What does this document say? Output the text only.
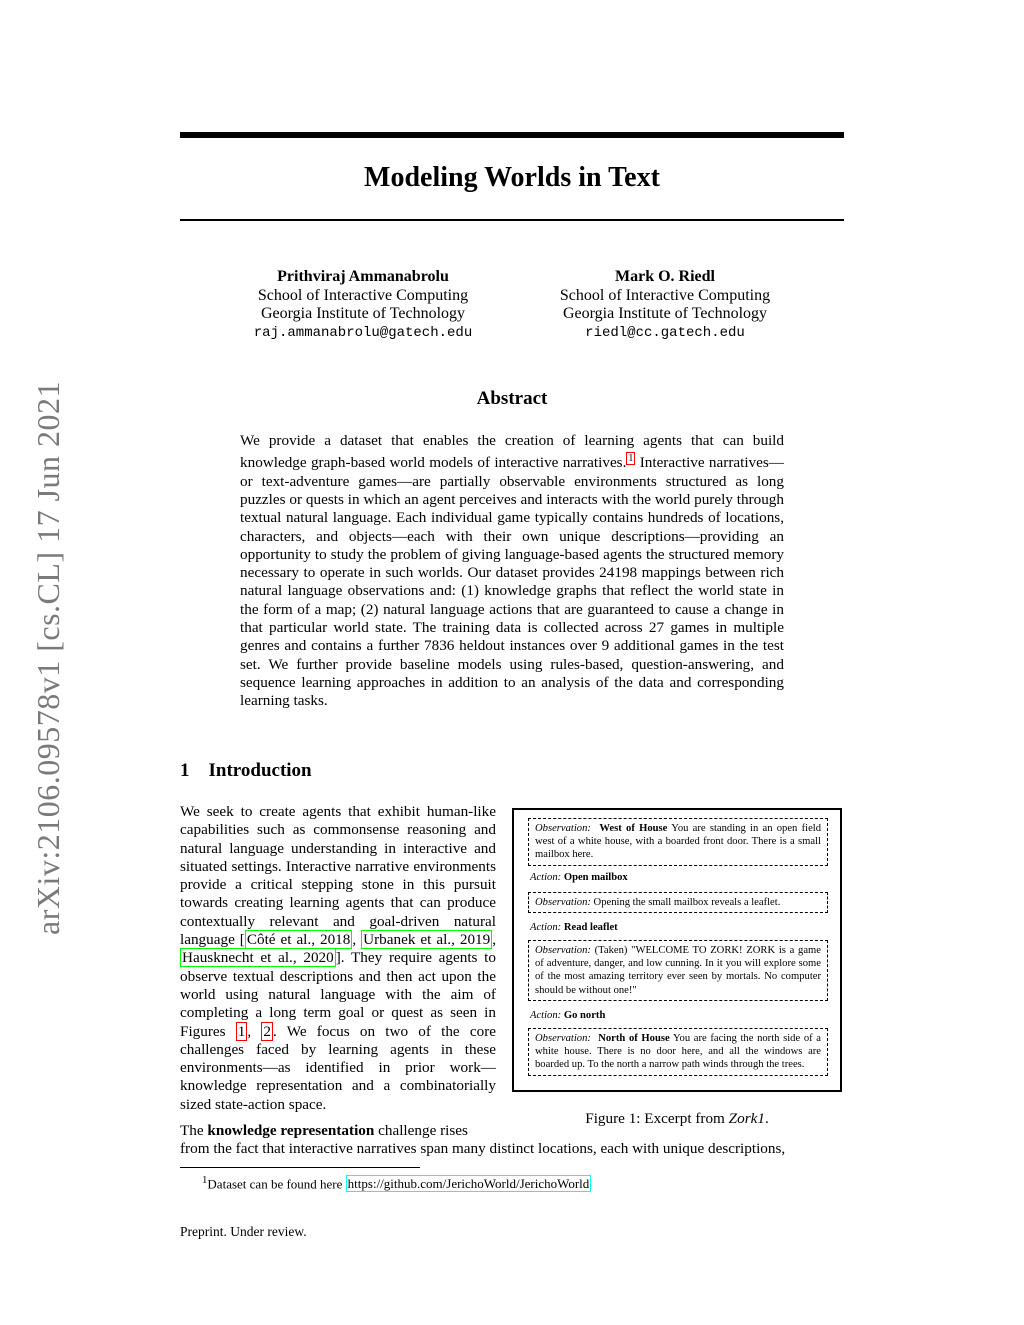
arXiv:2106.09578v1 [cs.CL] 17 Jun 2021
Modeling Worlds in Text
Prithviraj Ammanabrolu
School of Interactive Computing
Georgia Institute of Technology
raj.ammanabrolu@gatech.edu
Mark O. Riedl
School of Interactive Computing
Georgia Institute of Technology
riedl@cc.gatech.edu
Abstract
We provide a dataset that enables the creation of learning agents that can build knowledge graph-based world models of interactive narratives. $^1$ Interactive narratives—or text-adventure games—are partially observable environments structured as long puzzles or quests in which an agent perceives and interacts with the world purely through textual natural language. Each individual game typically contains hundreds of locations, characters, and objects—each with their own unique descriptions—providing an opportunity to study the problem of giving language-based agents the structured memory necessary to operate in such worlds. Our dataset provides 24198 mappings between rich natural language observations and: (1) knowledge graphs that reflect the world state in the form of a map; (2) natural language actions that are guaranteed to cause a change in that particular world state. The training data is collected across 27 games in multiple genres and contains a further 7836 heldout instances over 9 additional games in the test set. We further provide baseline models using rules-based, question-answering, and sequence learning approaches in addition to an analysis of the data and corresponding learning tasks.
1 Introduction
We seek to create agents that exhibit human-like capabilities such as commonsense reasoning and natural language understanding in interactive and situated settings. Interactive narrative environments provide a critical stepping stone in this pursuit towards creating learning agents that can produce contextually relevant and goal-driven natural language [ Côté et al., 2018 , Urbanek et al., 2019 , Hausknecht et al., 2020 ]. They require agents to observe textual descriptions and then act upon the world using natural language with the aim of completing a long term goal or quest as seen in Figures 1 , 2 . We focus on two of the core challenges faced by learning agents in these environments—as identified in prior work—knowledge representation and a combinatorially sized state-action space.
The knowledge representation challenge rises
from the fact that interactive narratives span many distinct locations, each with unique descriptions,
Observation: West of House You are standing in an open field west of a white house, with a boarded front door. There is a small mailbox here.
Action: Open mailbox
Observation: Opening the small mailbox reveals a leaflet.
Action: Read leaflet
Observation: (Taken) "WELCOME TO ZORK! ZORK is a game of adventure, danger, and low cunning. In it you will explore some of the most amazing territory ever seen by mortals. No computer should be without one!"
Action: Go north
Observation: North of House You are facing the north side of a white house. There is no door here, and all the windows are boarded up. To the north a narrow path winds through the trees.
Figure 1: Excerpt from Zork1.
$^1$Dataset can be found here https://github.com/JerichoWorld/JerichoWorld
Preprint. Under review.
